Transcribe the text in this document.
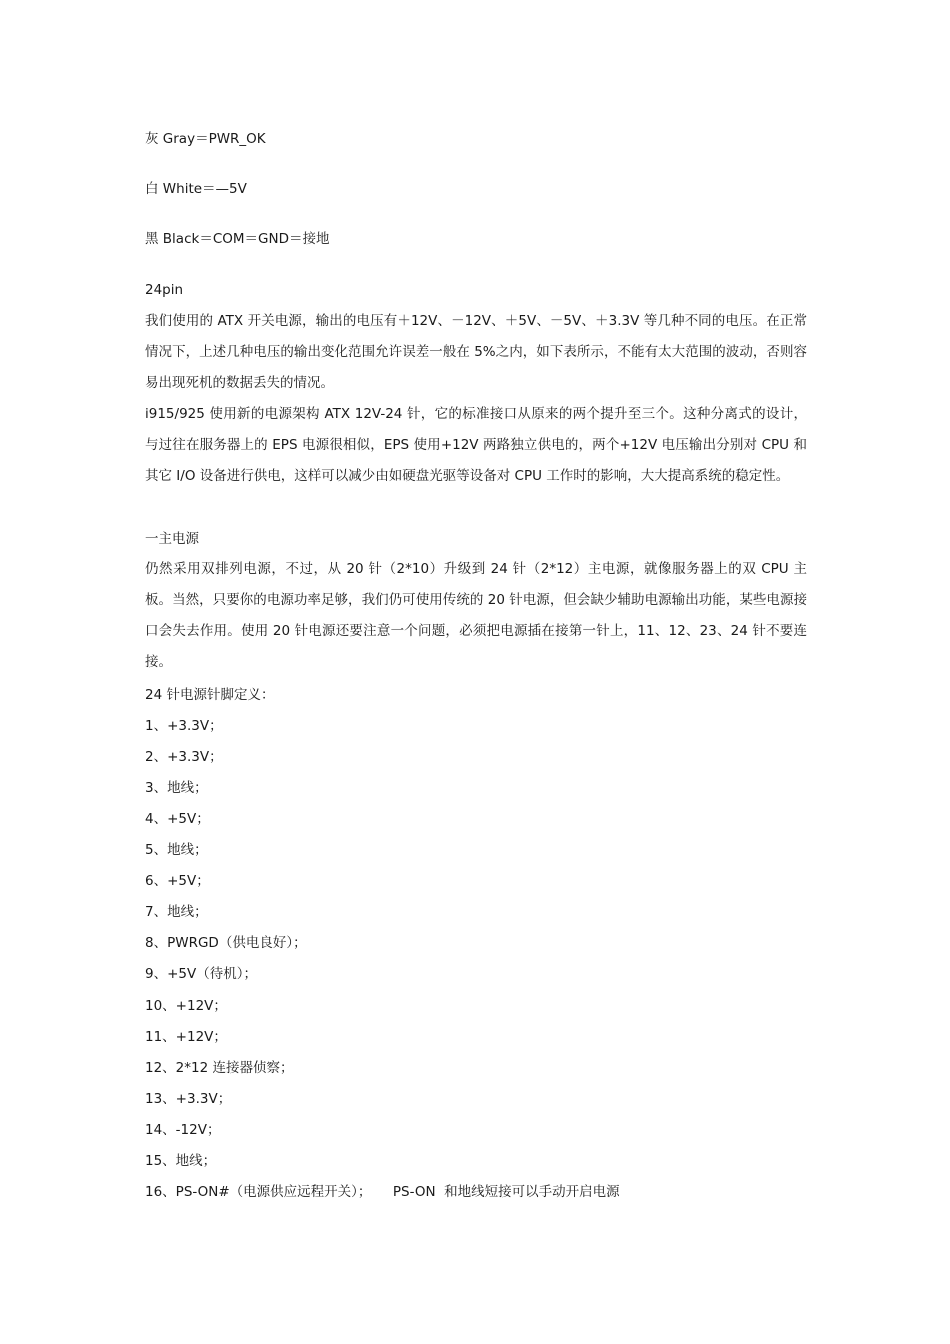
灰 Gray＝PWR_OK
白 White＝—5V
黑 Black＝COM＝GND＝接地
24pin
我们使用的 ATX 开关电源，输出的电压有＋12V、－12V、＋5V、－5V、＋3.3V 等几种不同的电压。在正常情况下，上述几种电压的输出变化范围允许误差一般在 5%之内，如下表所示，不能有太大范围的波动，否则容易出现死机的数据丢失的情况。
i915/925 使用新的电源架构 ATX 12V-24 针，它的标准接口从原来的两个提升至三个。这种分离式的设计，与过往在服务器上的 EPS 电源很相似，EPS 使用+12V 两路独立供电的，两个+12V 电压输出分别对 CPU 和其它 I/O 设备进行供电，这样可以减少由如硬盘光驱等设备对 CPU 工作时的影响，大大提高系统的稳定性。
一主电源
仍然采用双排列电源，不过，从 20 针（2*10）升级到 24 针（2*12）主电源，就像服务器上的双 CPU 主板。当然，只要你的电源功率足够，我们仍可使用传统的 20 针电源，但会缺少辅助电源输出功能，某些电源接口会失去作用。使用 20 针电源还要注意一个问题，必须把电源插在接第一针上，11、12、23、24 针不要连接。
24 针电源针脚定义：
1、+3.3V；
2、+3.3V；
3、地线；
4、+5V；
5、地线；
6、+5V；
7、地线；
8、PWRGD（供电良好）；
9、+5V（待机）；
10、+12V；
11、+12V；
12、2*12 连接器侦察；
13、+3.3V；
14、-12V；
15、地线；
16、PS-ON#（电源供应远程开关）；     PS-ON  和地线短接可以手动开启电源
